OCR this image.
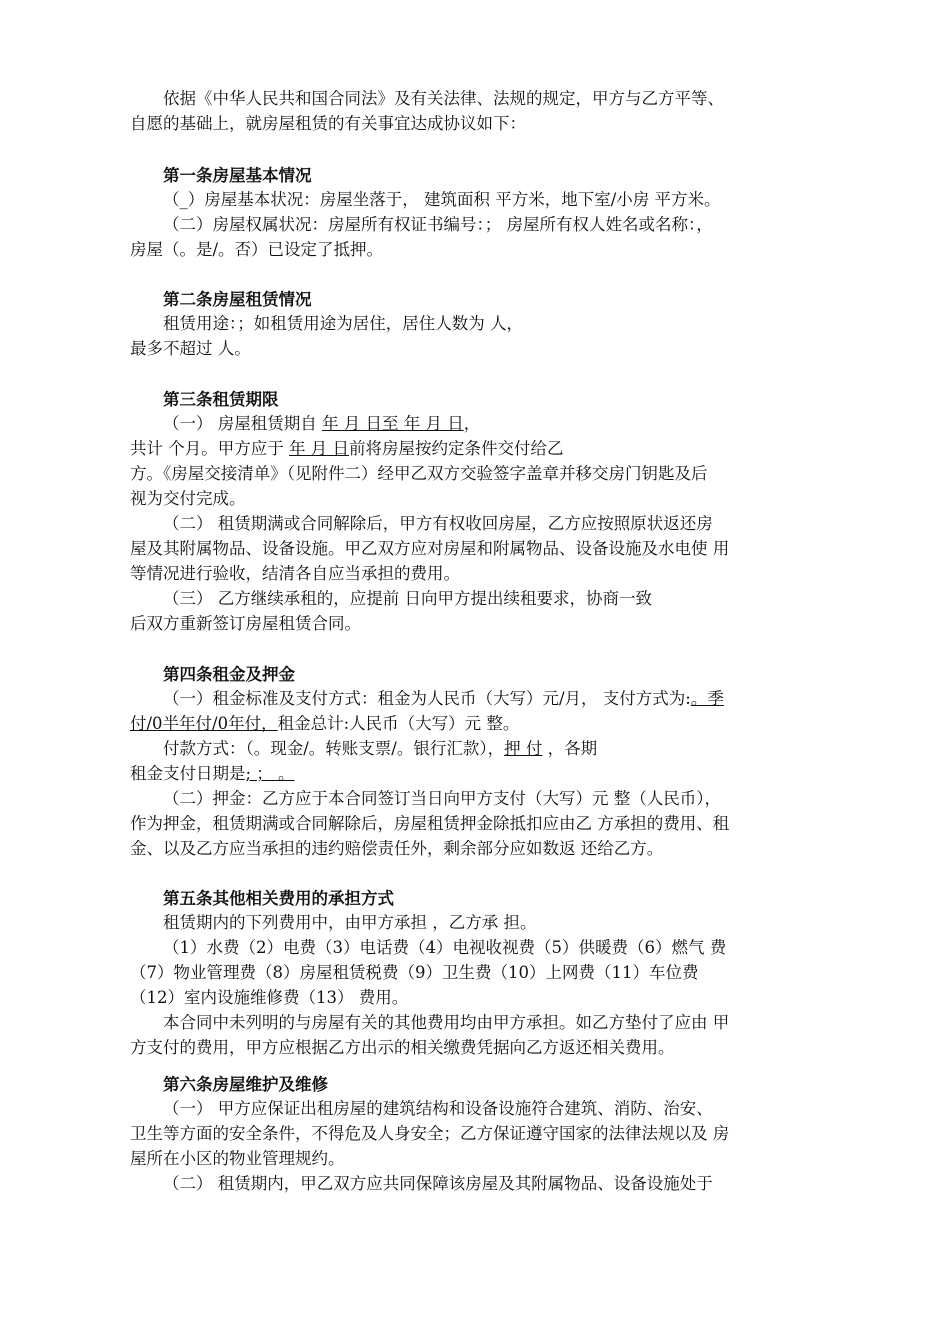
依据《中华人民共和国合同法》及有关法律、法规的规定，甲方与乙方平等、
自愿的基础上，就房屋租赁的有关事宜达成协议如下：
第一条房屋基本情况
（_）房屋基本状况：房屋坐落于， 建筑面积 平方米，地下室/小房 平方米。
（二）房屋权属状况：房屋所有权证书编号：； 房屋所有权人姓名或名称：，
房屋（。是/。否）已设定了抵押。
第二条房屋租赁情况
租赁用途：；如租赁用途为居住，居住人数为 人，
最多不超过 人。
第三条租赁期限
（一） 房屋租赁期自 年 月 日至 年 月 日，
共计 个月。甲方应于 年 月 日前将房屋按约定条件交付给乙
方。《房屋交接清单》（见附件二）经甲乙双方交验签字盖章并移交房门钥匙及后
视为交付完成。
（二） 租赁期满或合同解除后，甲方有权收回房屋，乙方应按照原状返还房
屋及其附属物品、设备设施。甲乙双方应对房屋和附属物品、设备设施及水电使 用
等情况进行验收，结清各自应当承担的费用。
（三） 乙方继续承租的，应提前 日向甲方提出续租要求，协商一致
后双方重新签订房屋租赁合同。
第四条租金及押金
（一）租金标准及支付方式：租金为人民币（大写）元/月， 支付方式为:。季
付/0半年付/0年付，租金总计:人民币（大写）元 整。
付款方式：（。现金/。转账支票/。银行汇款），押 付 ，各期
租金支付日期是; ； 。
（二）押金：乙方应于本合同签订当日向甲方支付（大写）元 整（人民币），
作为押金，租赁期满或合同解除后，房屋租赁押金除抵扣应由乙 方承担的费用、租
金、以及乙方应当承担的违约赔偿责任外，剩余部分应如数返 还给乙方。
第五条其他相关费用的承担方式
租赁期内的下列费用中，由甲方承担 ，乙方承 担。
（1）水费（2）电费（3）电话费（4）电视收视费（5）供暖费（6）燃气 费
（7）物业管理费（8）房屋租赁税费（9）卫生费（10）上网费（11）车位费
（12）室内设施维修费（13） 费用。
本合同中未列明的与房屋有关的其他费用均由甲方承担。如乙方垫付了应由 甲
方支付的费用，甲方应根据乙方出示的相关缴费凭据向乙方返还相关费用。
第六条房屋维护及维修
（一） 甲方应保证出租房屋的建筑结构和设备设施符合建筑、消防、治安、
卫生等方面的安全条件，不得危及人身安全；乙方保证遵守国家的法律法规以及 房
屋所在小区的物业管理规约。
（二） 租赁期内，甲乙双方应共同保障该房屋及其附属物品、设备设施处于
